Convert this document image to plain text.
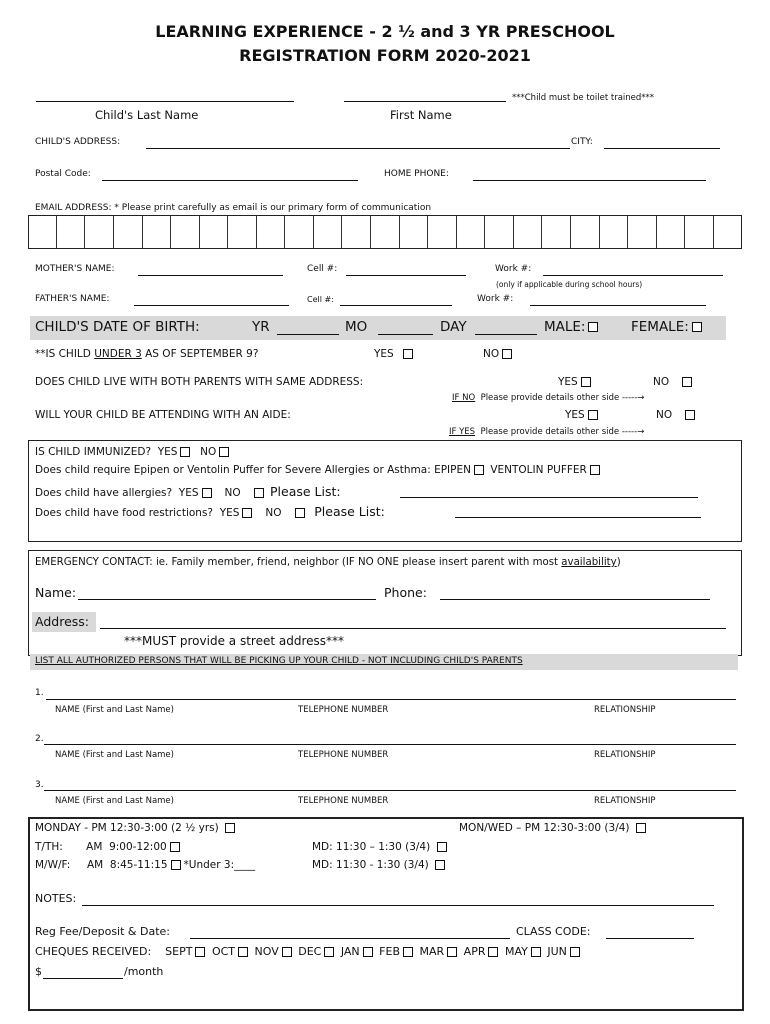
LEARNING EXPERIENCE - 2 ½ and 3 YR PRESCHOOL
REGISTRATION FORM 2020-2021
***Child must be toilet trained***
Child's Last Name	First Name
CHILD'S ADDRESS:	CITY:
Postal Code:	HOME PHONE:
EMAIL ADDRESS: * Please print carefully as email is our primary form of communication
MOTHER'S NAME:	Cell #:	Work #:
(only if applicable during school hours)
FATHER'S NAME:	Cell #:	Work #:
CHILD'S DATE OF BIRTH:	YR	MO	DAY	MALE:	FEMALE:
**IS CHILD UNDER 3 AS OF SEPTEMBER 9?	YES	NO
DOES CHILD LIVE WITH BOTH PARENTS WITH SAME ADDRESS:	YES	NO
IF NO Please provide details other side -----→
WILL YOUR CHILD BE ATTENDING WITH AN AIDE:	YES	NO
IF YES Please provide details other side -----→
IS CHILD IMMUNIZED? YES NO
Does child require Epipen or Ventolin Puffer for Severe Allergies or Asthma: EPIPEN VENTOLIN PUFFER
Does child have allergies? YES NO Please List:
Does child have food restrictions? YES NO	Please List:
EMERGENCY CONTACT: ie. Family member, friend, neighbor (IF NO ONE please insert parent with most availability)
Name:	Phone:
Address:
***MUST provide a street address***
LIST ALL AUTHORIZED PERSONS THAT WILL BE PICKING UP YOUR CHILD - NOT INCLUDING CHILD'S PARENTS
1.
NAME (First and Last Name)	TELEPHONE NUMBER	RELATIONSHIP
2.
NAME (First and Last Name)	TELEPHONE NUMBER	RELATIONSHIP
3.
NAME (First and Last Name)	TELEPHONE NUMBER	RELATIONSHIP
MONDAY - PM 12:30-3:00 (2 ½ yrs)	MON/WED – PM 12:30-3:00 (3/4)
T/TH:       AM  9:00-12:00	MD: 11:30 – 1:30 (3/4)
M/W/F:     AM  8:45-11:15 *Under 3:____	MD: 11:30 - 1:30 (3/4)
NOTES:
Reg Fee/Deposit & Date:	CLASS CODE:
CHEQUES RECEIVED: SEPT OCT NOV DEC JAN FEB MAR APR MAY JUN
$	/month
